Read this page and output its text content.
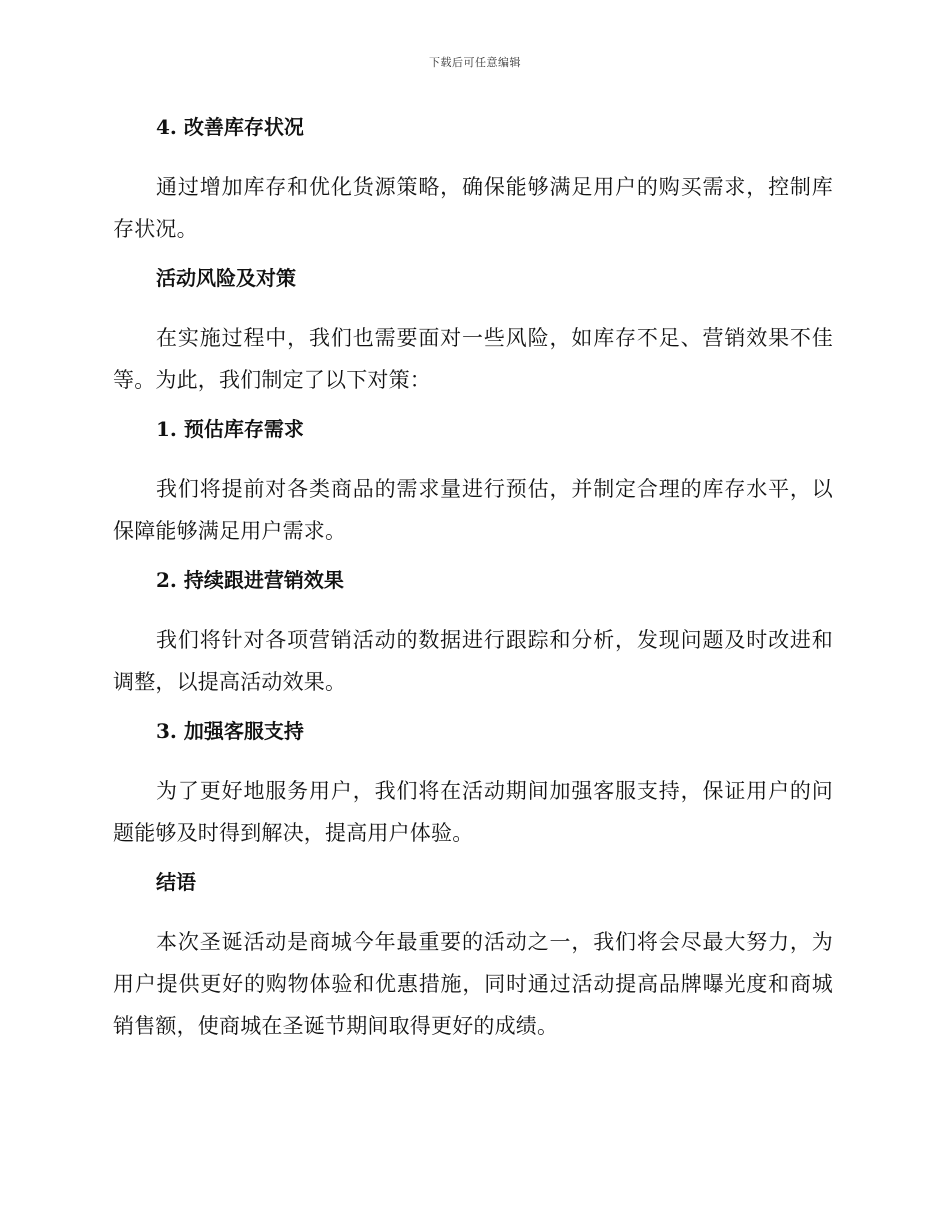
下载后可任意编辑
4. 改善库存状况

通过增加库存和优化货源策略，确保能够满足用户的购买需求，控制库存状况。

活动风险及对策

在实施过程中，我们也需要面对一些风险，如库存不足、营销效果不佳等。为此，我们制定了以下对策：

1. 预估库存需求

我们将提前对各类商品的需求量进行预估，并制定合理的库存水平，以保障能够满足用户需求。

2. 持续跟进营销效果

我们将针对各项营销活动的数据进行跟踪和分析，发现问题及时改进和调整，以提高活动效果。

3. 加强客服支持

为了更好地服务用户，我们将在活动期间加强客服支持，保证用户的问题能够及时得到解决，提高用户体验。

结语

本次圣诞活动是商城今年最重要的活动之一，我们将会尽最大努力，为用户提供更好的购物体验和优惠措施，同时通过活动提高品牌曝光度和商城销售额，使商城在圣诞节期间取得更好的成绩。
